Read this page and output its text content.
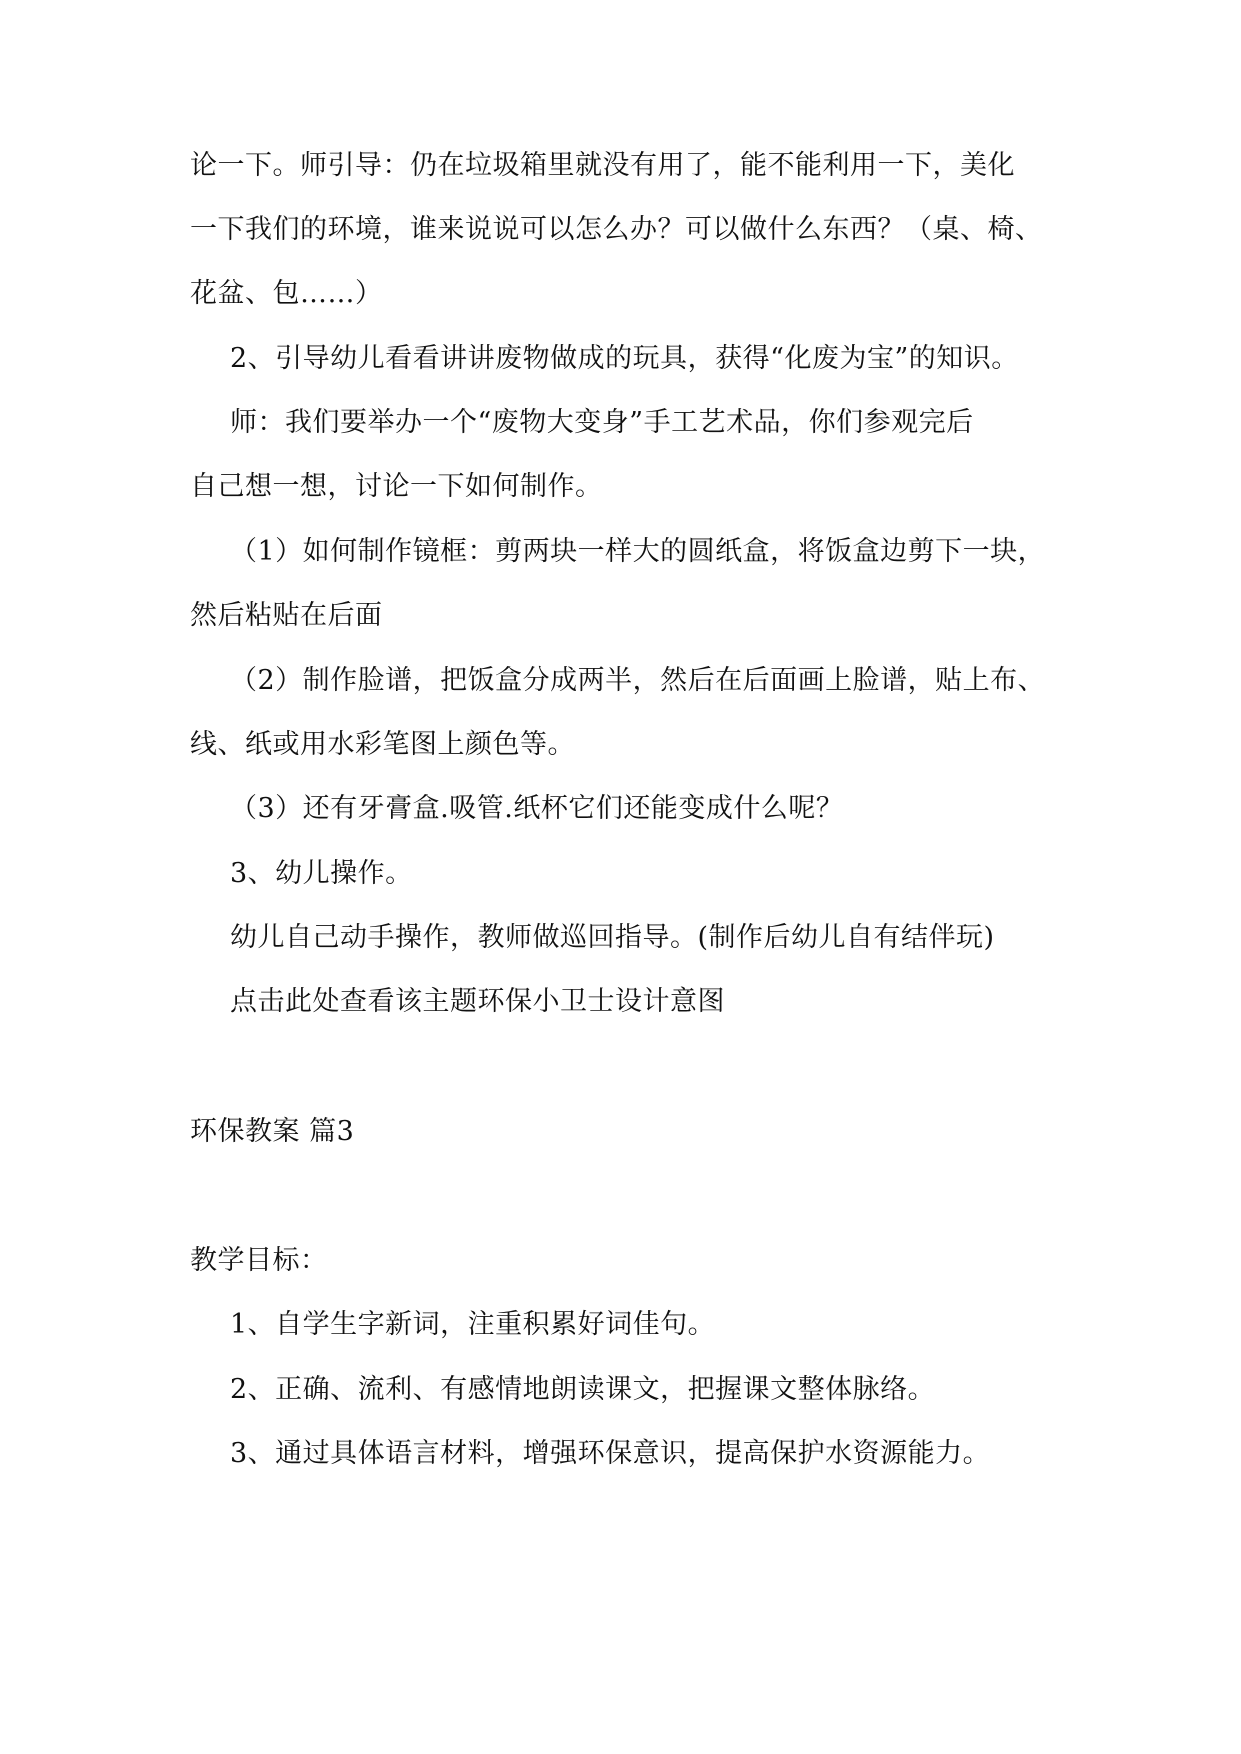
论一下。师引导：仍在垃圾箱里就没有用了，能不能利用一下，美化
一下我们的环境，谁来说说可以怎么办？可以做什么东西？（桌、椅、
花盆、包……）
2、引导幼儿看看讲讲废物做成的玩具，获得“化废为宝”的知识。
师：我们要举办一个“废物大变身”手工艺术品，你们参观完后
自己想一想，讨论一下如何制作。
（1）如何制作镜框：剪两块一样大的圆纸盒，将饭盒边剪下一块，
然后粘贴在后面
（2）制作脸谱，把饭盒分成两半，然后在后面画上脸谱，贴上布、
线、纸或用水彩笔图上颜色等。
（3）还有牙膏盒.吸管.纸杯它们还能变成什么呢？
3、幼儿操作。
幼儿自己动手操作，教师做巡回指导。(制作后幼儿自有结伴玩)
点击此处查看该主题环保小卫士设计意图
环保教案 篇3
教学目标：
1、自学生字新词，注重积累好词佳句。
2、正确、流利、有感情地朗读课文，把握课文整体脉络。
3、通过具体语言材料，增强环保意识，提高保护水资源能力。
